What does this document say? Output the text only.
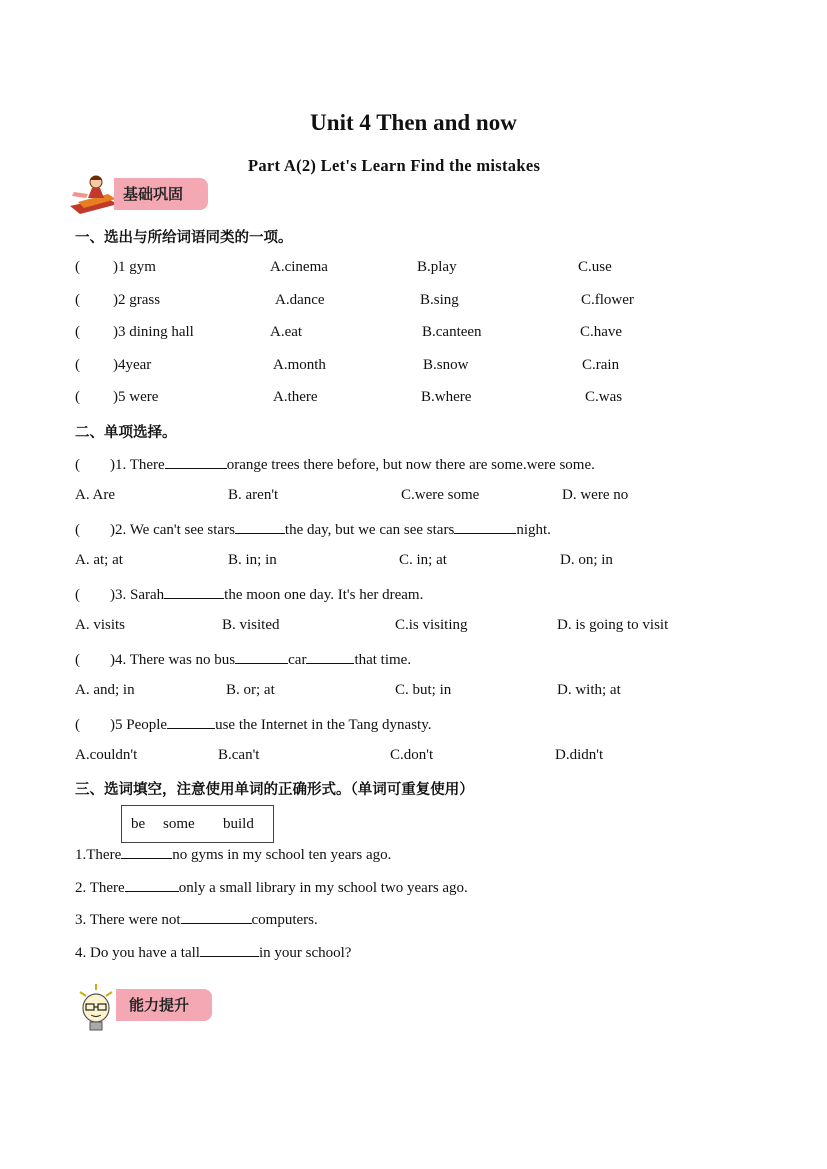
Unit 4 Then and now
Part A(2) Let's Learn Find the mistakes
基础巩固
一、选出与所给词语同类的一项。
( )1 gym	A.cinema	B.play	C.use
( )2 grass	A.dance	B.sing	C.flower
( )3 dining hall	A.eat	B.canteen	C.have
( )4year	A.month	B.snow	C.rain
( )5 were	A.there	B.where	C.was
二、单项选择。
( )1. There	orange trees there before, but now there are some.were some.
A. Are	B. aren't	C.were some	D. were no
( )2. We can't see stars	the day, but we can see stars	night.
A. at; at	B. in; in	C. in; at	D. on; in
( )3. Sarah	the moon one day. It's her dream.
A. visits	B. visited	C.is visiting	D. is going to visit
( )4. There was no bus	car	that time.
A. and; in	B. or; at	C. but; in	D. with; at
( )5 People	use the Internet in the Tang dynasty.
A.couldn't	B.can't	C.don't	D.didn't
三、选词填空，注意使用单词的正确形式。（单词可重复使用）
be some build
1.There	no gyms in my school ten years ago.
2. There	only a small library in my school two years ago.
3. There were not	computers.
4. Do you have a tall	in your school?
能力提升
